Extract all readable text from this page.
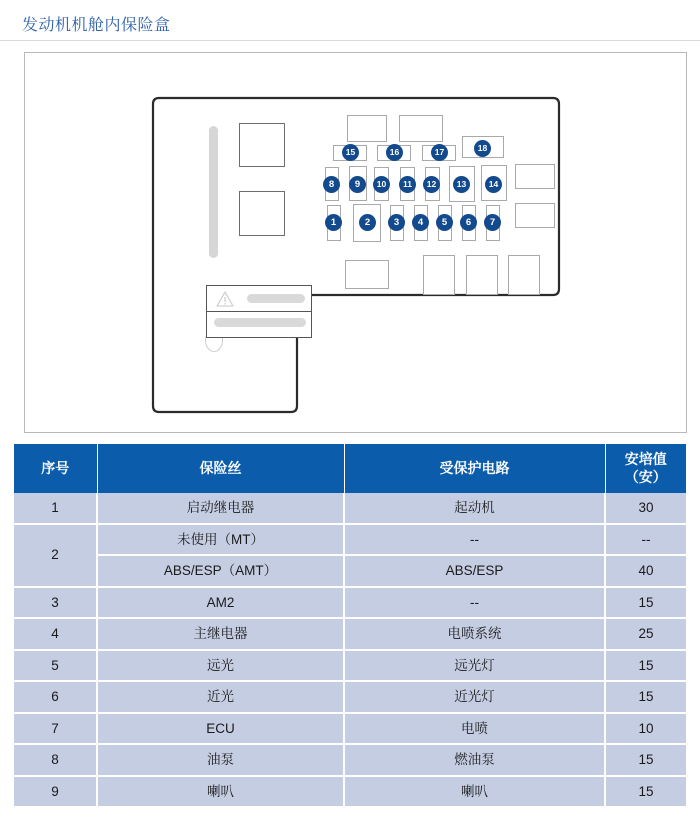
发动机机舱内保险盒
15	16	17	18
8	9	10	11	12	13	14
1	2	3	4	5	6	7
序号	保险丝	受保护电路	安培值
（安）

1	启动继电器	起动机	30
2	未使用（MT）	--	--
	ABS/ESP（AMT）	ABS/ESP	40
3	AM2	--	15
4	主继电器	电喷系统	25
5	远光	远光灯	15
6	近光	近光灯	15
7	ECU	电喷	10
8	油泵	燃油泵	15
9	喇叭	喇叭	15
